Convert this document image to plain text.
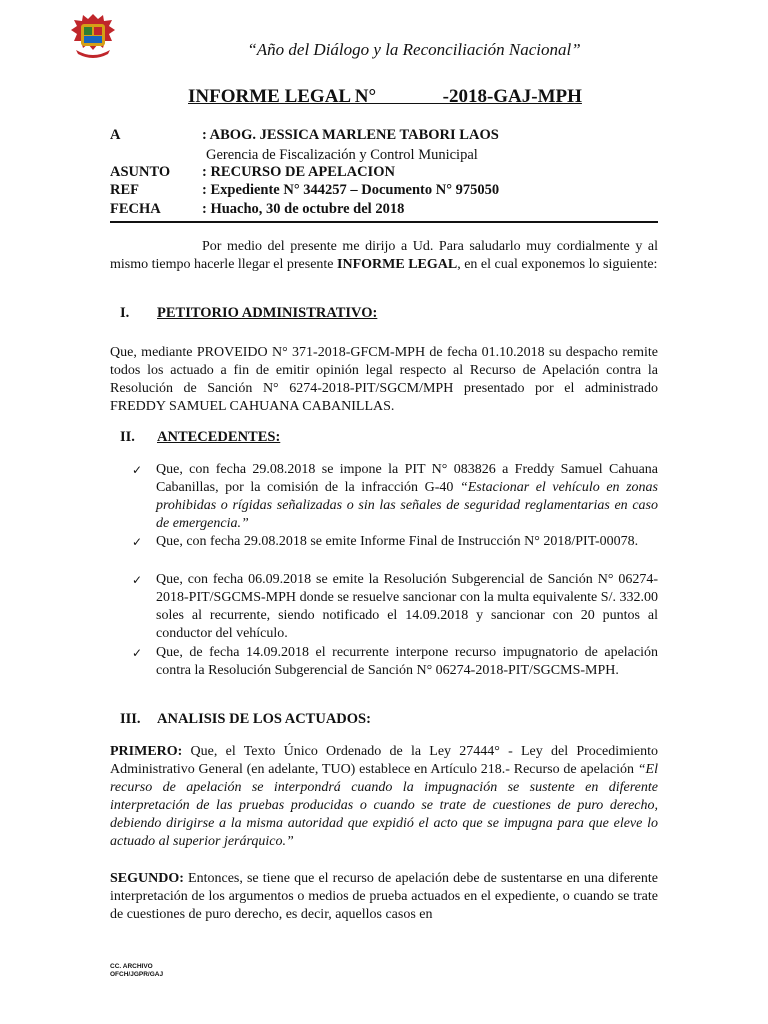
“Año del Diálogo y la Reconciliación Nacional”
INFORME LEGAL N°              -2018-GAJ-MPH
A	: ABOG. JESSICA MARLENE TABORI LAOS
Gerencia de Fiscalización y Control Municipal
ASUNTO	: RECURSO DE APELACION
REF	: Expediente N° 344257 – Documento N° 975050
FECHA	: Huacho, 30 de octubre del 2018
Por medio del presente me dirijo a Ud. Para saludarlo muy cordialmente y al mismo tiempo hacerle llegar el presente INFORME LEGAL, en el cual exponemos lo siguiente:
I.	PETITORIO ADMINISTRATIVO:
Que, mediante PROVEIDO N° 371-2018-GFCM-MPH de fecha 01.10.2018 su despacho remite todos los actuado a fin de emitir opinión legal respecto al Recurso de Apelación contra la Resolución de Sanción N° 6274-2018-PIT/SGCM/MPH presentado por el administrado FREDDY SAMUEL CAHUANA CABANILLAS.
II.	ANTECEDENTES:
✓ Que, con fecha 29.08.2018 se impone la PIT N° 083826 a Freddy Samuel Cahuana Cabanillas, por la comisión de la infracción G-40 “Estacionar el vehículo en zonas prohibidas o rígidas señalizadas o sin las señales de seguridad reglamentarias en caso de emergencia.”
✓ Que, con fecha 29.08.2018 se emite Informe Final de Instrucción N° 2018/PIT-00078.
✓ Que, con fecha 06.09.2018 se emite la Resolución Subgerencial de Sanción N° 06274-2018-PIT/SGCMS-MPH donde se resuelve sancionar con la multa equivalente S/. 332.00 soles al recurrente, siendo notificado el 14.09.2018 y sancionar con 20 puntos al conductor del vehículo.
✓ Que, de fecha 14.09.2018 el recurrente interpone recurso impugnatorio de apelación contra la Resolución Subgerencial de Sanción N° 06274-2018-PIT/SGCMS-MPH.
III.	ANALISIS DE LOS ACTUADOS:
PRIMERO: Que, el Texto Único Ordenado de la Ley 27444° - Ley del Procedimiento Administrativo General (en adelante, TUO) establece en Artículo 218.- Recurso de apelación “El recurso de apelación se interpondrá cuando la impugnación se sustente en diferente interpretación de las pruebas producidas o cuando se trate de cuestiones de puro derecho, debiendo dirigirse a la misma autoridad que expidió el acto que se impugna para que eleve lo actuado al superior jerárquico.”
SEGUNDO: Entonces, se tiene que el recurso de apelación debe de sustentarse en una diferente interpretación de los argumentos o medios de prueba actuados en el expediente, o cuando se trate de cuestiones de puro derecho, es decir, aquellos casos en
CC. ARCHIVO
OFCH/JGPR/GAJ
